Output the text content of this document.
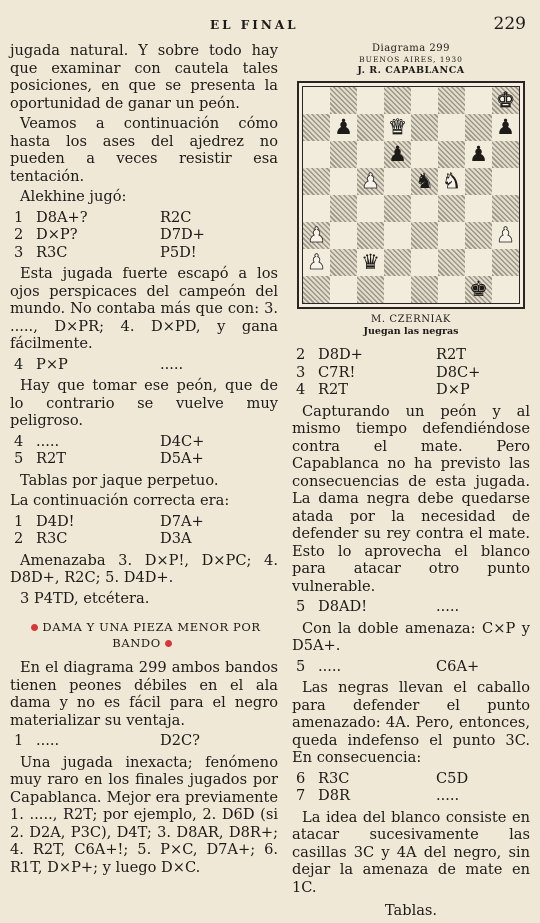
EL FINAL	229

jugada natural. Y sobre todo hay que examinar con cautela tales posiciones, en que se presenta la oportunidad de ganar un peón.

Veamos a continuación cómo hasta los ases del ajedrez no pueden a veces resistir esa tentación.

Alekhine jugó:

1	D8A+?	R2C
2	D×P?	D7D+
3	R3C	P5D!

Esta jugada fuerte escapó a los ojos perspicaces del campeón del mundo. No contaba más que con: 3. ....., D×PR; 4. D×PD, y gana fácilmente.

4	P×P	.....

Hay que tomar ese peón, que de lo contrario se vuelve muy peligroso.

4	.....	D4C+
5	R2T	D5A+

Tablas por jaque perpetuo.

La continuación correcta era:

1	D4D!	D7A+
2	R3C	D3A

Amenazaba 3. D×P!, D×PC; 4. D8D+, R2C; 5. D4D+.

3 P4TD, etcétera.

DAMA Y UNA PIEZA MENOR POR BANDO

En el diagrama 299 ambos bandos tienen peones débiles en el ala dama y no es fácil para el negro materializar su ventaja.

1	.....	D2C?

Una jugada inexacta; fenómeno muy raro en los finales jugados por Capablanca. Mejor era previamente 1. ....., R2T; por ejemplo, 2. D6D (si 2. D2A, P3C), D4T; 3. D8AR, D8R+; 4. R2T, C6A+!; 5. P×C, D7A+; 6. R1T, D×P+; y luego D×C.

Diagrama 299
BUENOS AIRES, 1930
J. R. CAPABLANCA
♚
♟ ♛	♟
♟	♟
♟ ♞ ♞
♟	♟
♟ ♛
♚
M. CZERNIAK
Juegan las negras
2	D8D+	R2T
3	C7R!	D8C+
4	R2T	D×P

Capturando un peón y al mismo tiempo defendiéndose contra el mate. Pero Capablanca no ha previsto las consecuencias de esta jugada. La dama negra debe quedarse atada por la necesidad de defender su rey contra el mate. Esto lo aprovecha el blanco para atacar otro punto vulnerable.

5	D8AD!	.....

Con la doble amenaza: C×P y D5A+.

5	.....	C6A+

Las negras llevan el caballo para defender el punto amenazado: 4A. Pero, entonces, queda indefenso el punto 3C. En consecuencia:

6	R3C	C5D
7	D8R	.....

La idea del blanco consiste en atacar sucesivamente las casillas 3C y 4A del negro, sin dejar la amenaza de mate en 1C.

Tablas.
